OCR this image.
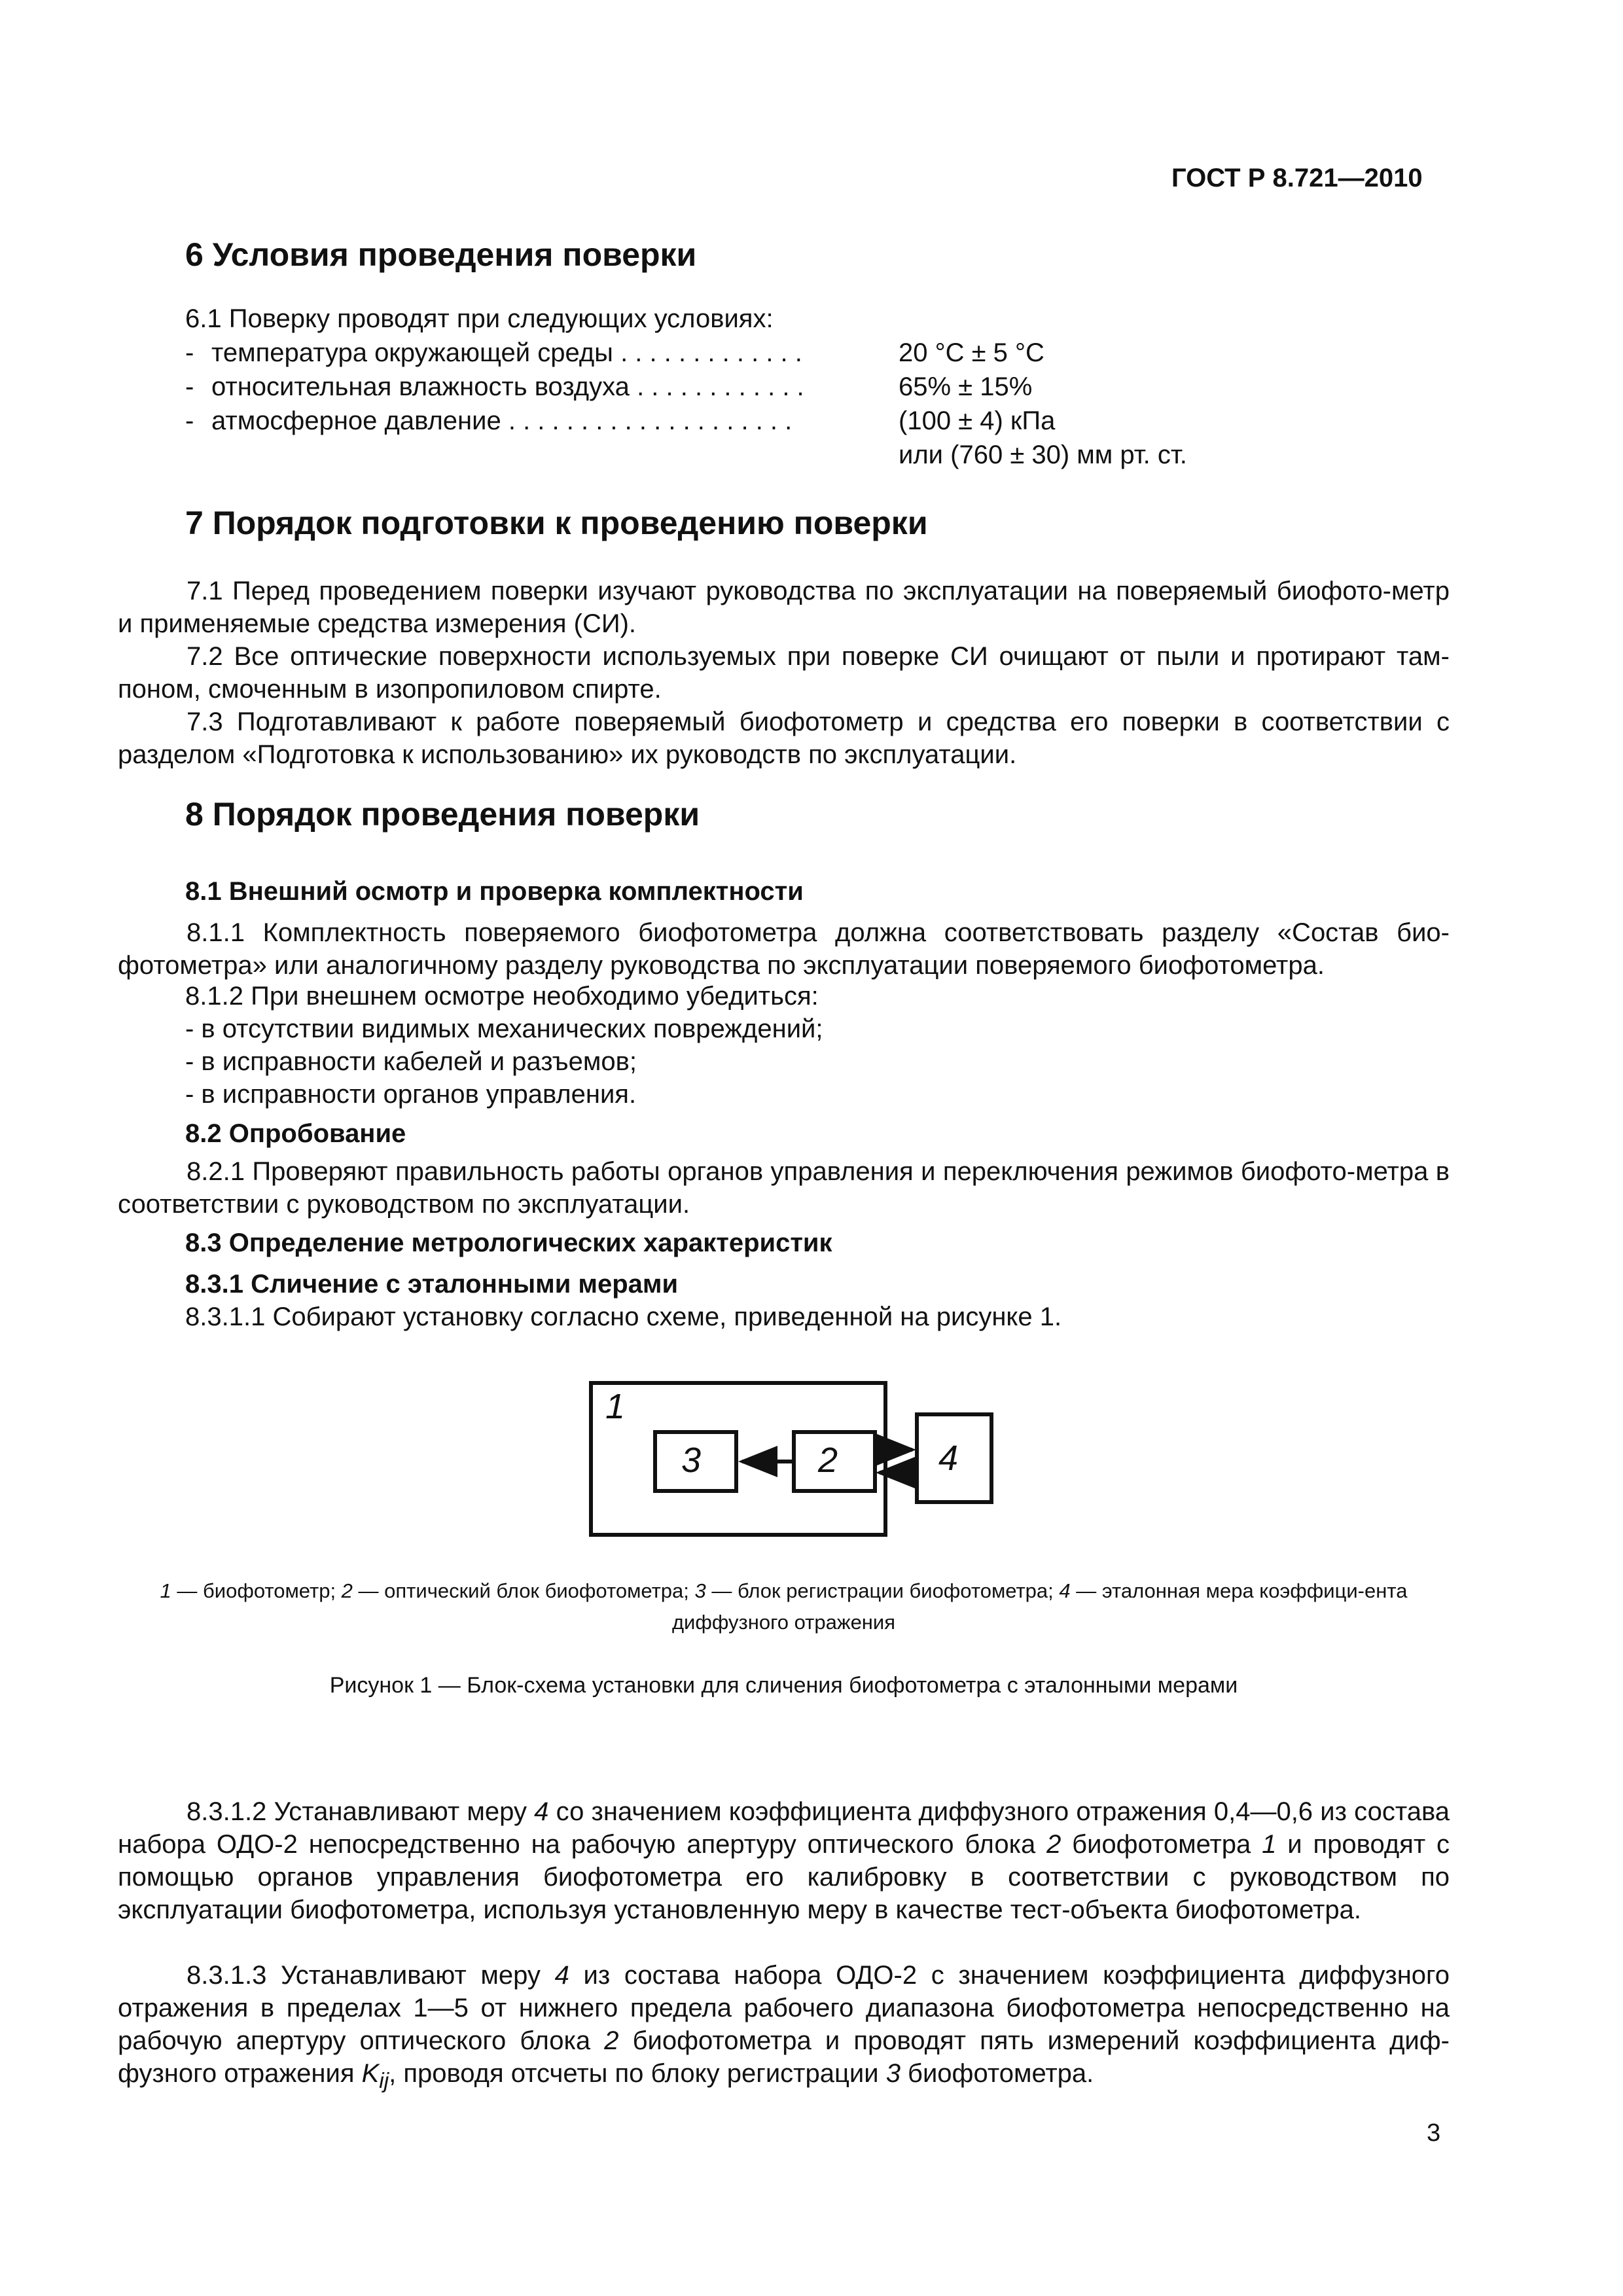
ГОСТ Р 8.721—2010
6 Условия проведения поверки
6.1 Поверку проводят при следующих условиях:
- температура окружающей среды . . . . . . . . . . . . .	20 °C ± 5 °C
- относительная влажность воздуха . . . . . . . . . . . .	65% ± 15%
- атмосферное давление . . . . . . . . . . . . . . . . . . . .	(100 ± 4) кПа
или (760 ± 30) мм рт. ст.
7 Порядок подготовки к проведению поверки
7.1 Перед проведением поверки изучают руководства по эксплуатации на поверяемый биофото-метр и применяемые средства измерения (СИ).
7.2 Все оптические поверхности используемых при поверке СИ очищают от пыли и протирают там-поном, смоченным в изопропиловом спирте.
7.3 Подготавливают к работе поверяемый биофотометр и средства его поверки в соответствии с разделом «Подготовка к использованию» их руководств по эксплуатации.
8 Порядок проведения поверки
8.1 Внешний осмотр и проверка комплектности
8.1.1 Комплектность поверяемого биофотометра должна соответствовать разделу «Состав био-фотометра» или аналогичному разделу руководства по эксплуатации поверяемого биофотометра.
8.1.2 При внешнем осмотре необходимо убедиться:
- в отсутствии видимых механических повреждений;
- в исправности кабелей и разъемов;
- в исправности органов управления.
8.2 Опробование
8.2.1 Проверяют правильность работы органов управления и переключения режимов биофото-метра в соответствии с руководством по эксплуатации.
8.3 Определение метрологических характеристик
8.3.1 Сличение с эталонными мерами
8.3.1.1 Собирают установку согласно схеме, приведенной на рисунке 1.
1
3	2	4
1 — биофотометр; 2 — оптический блок биофотометра; 3 — блок регистрации биофотометра; 4 — эталонная мера коэффици-ента диффузного отражения
Рисунок 1 — Блок-схема установки для сличения биофотометра с эталонными мерами
8.3.1.2 Устанавливают меру 4 со значением коэффициента диффузного отражения 0,4—0,6 из состава набора ОДО-2 непосредственно на рабочую апертуру оптического блока 2 биофотометра 1 и проводят с помощью органов управления биофотометра его калибровку в соответствии с руководством по эксплуатации биофотометра, используя установленную меру в качестве тест-объекта биофотометра.
8.3.1.3 Устанавливают меру 4 из состава набора ОДО-2 с значением коэффициента диффузного отражения в пределах 1—5 от нижнего предела рабочего диапазона биофотометра непосредственно на рабочую апертуру оптического блока 2 биофотометра и проводят пять измерений коэффициента диф-фузного отражения $K_{ij}$, проводя отсчеты по блоку регистрации 3 биофотометра.
3
